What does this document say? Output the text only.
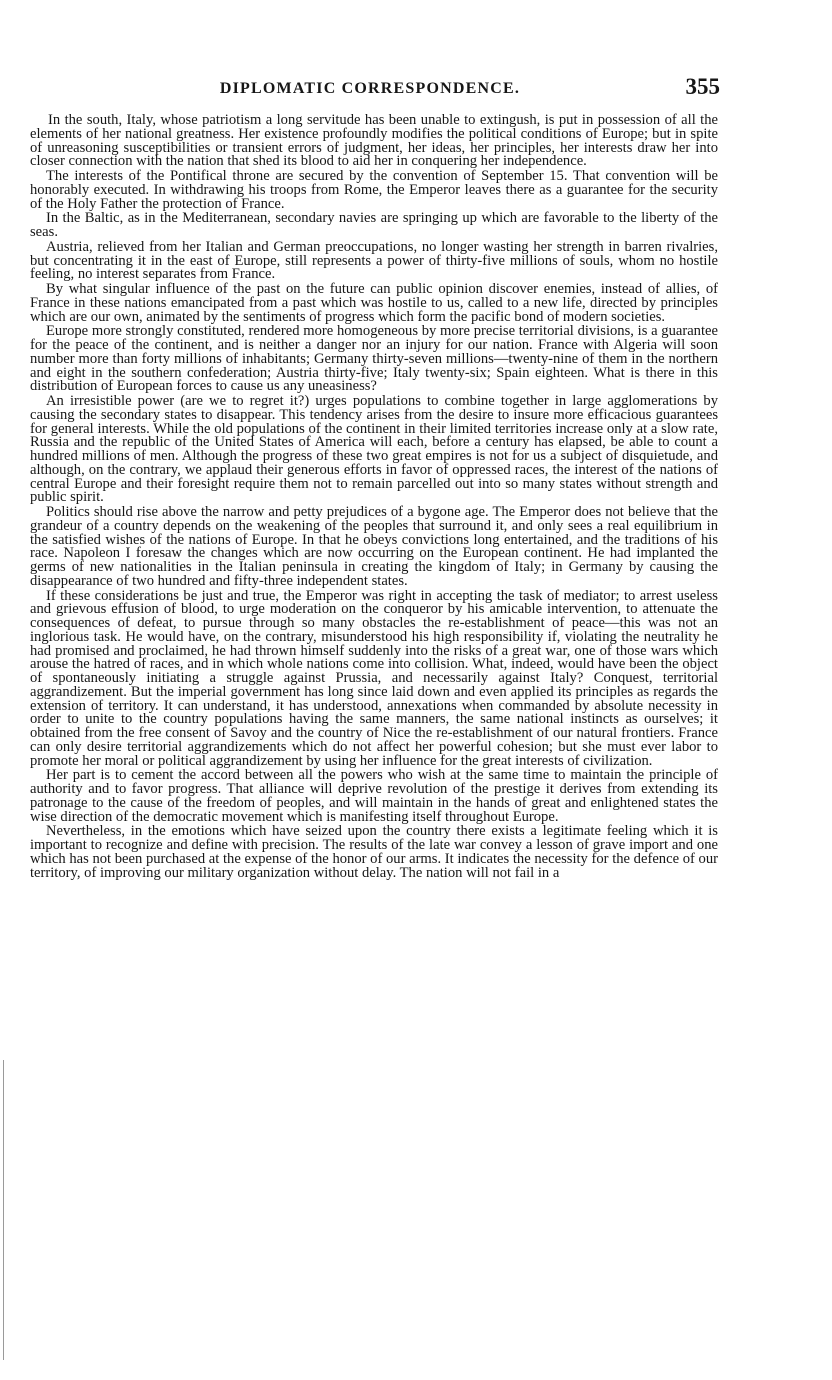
DIPLOMATIC CORRESPONDENCE.	355

In the south, Italy, whose patriotism a long servitude has been unable to extingush, is put in possession of all the elements of her national greatness. Her existence profoundly modifies the political conditions of Europe; but in spite of unreasoning susceptibilities or transient errors of judgment, her ideas, her principles, her interests draw her into closer connection with the nation that shed its blood to aid her in conquering her independence.

The interests of the Pontifical throne are secured by the convention of September 15. That convention will be honorably executed. In withdrawing his troops from Rome, the Emperor leaves there as a guarantee for the security of the Holy Father the protection of France.

In the Baltic, as in the Mediterranean, secondary navies are springing up which are favorable to the liberty of the seas.

Austria, relieved from her Italian and German preoccupations, no longer wasting her strength in barren rivalries, but concentrating it in the east of Europe, still represents a power of thirty-five millions of souls, whom no hostile feeling, no interest separates from France.

By what singular influence of the past on the future can public opinion discover enemies, instead of allies, of France in these nations emancipated from a past which was hostile to us, called to a new life, directed by principles which are our own, animated by the sentiments of progress which form the pacific bond of modern societies.

Europe more strongly constituted, rendered more homogeneous by more precise territorial divisions, is a guarantee for the peace of the continent, and is neither a danger nor an injury for our nation. France with Algeria will soon number more than forty millions of inhabitants; Germany thirty-seven millions—twenty-nine of them in the northern and eight in the southern confederation; Austria thirty-five; Italy twenty-six; Spain eighteen. What is there in this distribution of European forces to cause us any uneasiness?

An irresistible power (are we to regret it?) urges populations to combine together in large agglomerations by causing the secondary states to disappear. This tendency arises from the desire to insure more efficacious guarantees for general interests. While the old populations of the continent in their limited territories increase only at a slow rate, Russia and the republic of the United States of America will each, before a century has elapsed, be able to count a hundred millions of men. Although the progress of these two great empires is not for us a subject of disquietude, and although, on the contrary, we applaud their generous efforts in favor of oppressed races, the interest of the nations of central Europe and their foresight require them not to remain parcelled out into so many states without strength and public spirit.

Politics should rise above the narrow and petty prejudices of a bygone age. The Emperor does not believe that the grandeur of a country depends on the weakening of the peoples that surround it, and only sees a real equilibrium in the satisfied wishes of the nations of Europe. In that he obeys convictions long entertained, and the traditions of his race. Napoleon I foresaw the changes which are now occurring on the European continent. He had implanted the germs of new nationalities in the Italian peninsula in creating the kingdom of Italy; in Germany by causing the disappearance of two hundred and fifty-three independent states.

If these considerations be just and true, the Emperor was right in accepting the task of mediator; to arrest useless and grievous effusion of blood, to urge moderation on the conqueror by his amicable intervention, to attenuate the consequences of defeat, to pursue through so many obstacles the re-establishment of peace—this was not an inglorious task. He would have, on the contrary, misunderstood his high responsibility if, violating the neutrality he had promised and proclaimed, he had thrown himself suddenly into the risks of a great war, one of those wars which arouse the hatred of races, and in which whole nations come into collision. What, indeed, would have been the object of spontaneously initiating a struggle against Prussia, and necessarily against Italy? Conquest, territorial aggrandizement. But the imperial government has long since laid down and even applied its principles as regards the extension of territory. It can understand, it has understood, annexations when commanded by absolute necessity in order to unite to the country populations having the same manners, the same national instincts as ourselves; it obtained from the free consent of Savoy and the country of Nice the re-establishment of our natural frontiers. France can only desire territorial aggrandizements which do not affect her powerful cohesion; but she must ever labor to promote her moral or political aggrandizement by using her influence for the great interests of civilization.

Her part is to cement the accord between all the powers who wish at the same time to maintain the principle of authority and to favor progress. That alliance will deprive revolution of the prestige it derives from extending its patronage to the cause of the freedom of peoples, and will maintain in the hands of great and enlightened states the wise direction of the democratic movement which is manifesting itself throughout Europe.

Nevertheless, in the emotions which have seized upon the country there exists a legitimate feeling which it is important to recognize and define with precision. The results of the late war convey a lesson of grave import and one which has not been purchased at the expense of the honor of our arms. It indicates the necessity for the defence of our territory, of improving our military organization without delay. The nation will not fail in a
